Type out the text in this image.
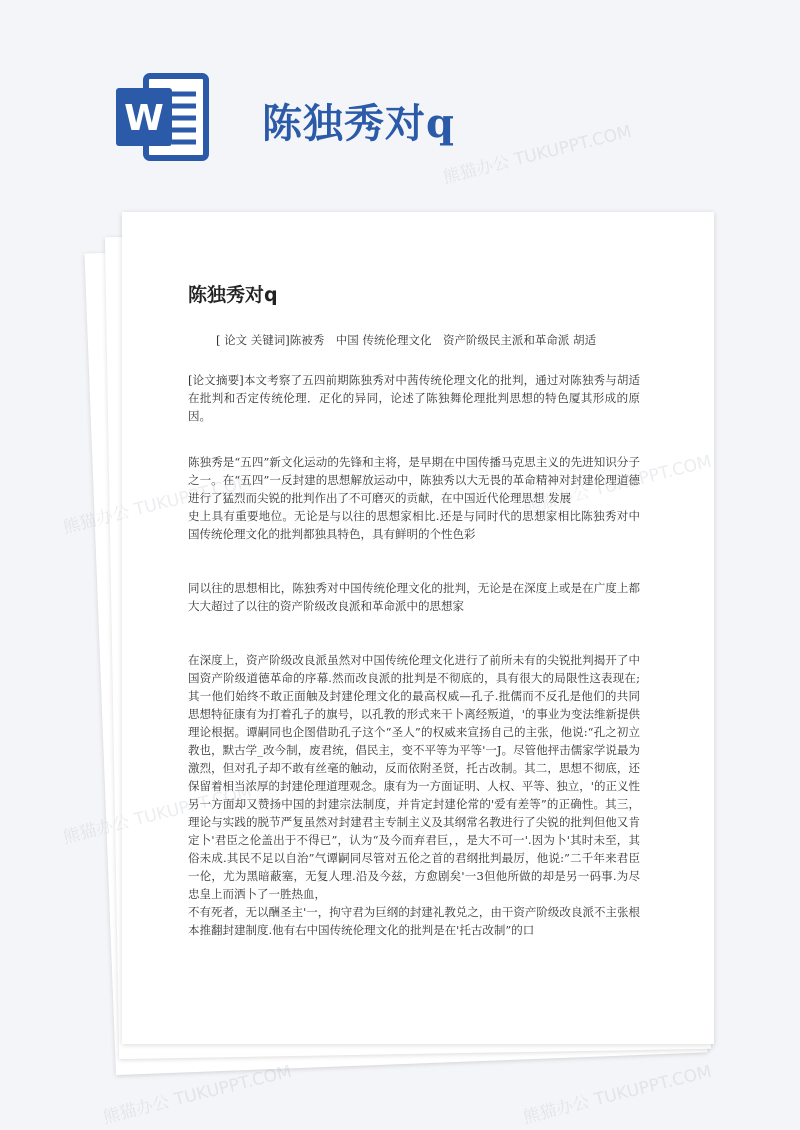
W 陈独秀对q
陈独秀对q
[ 论文 关键词]陈被秀　中国 传统伦理文化　资产阶级民主派和革命派 胡适

[论文摘要]本文考察了五四前期陈独秀对中茜传统伦理文化的批判，通过对陈独秀与胡适在批判和否定传统伦理．疋化的异同，论述了陈独舞伦理批判思想的特色厦其形成的原因。

陈独秀是“五四”新文化运动的先锋和主将，是早期在中国传播马克思主义的先进知识分子之一。在“五四”一反封建的思想解放运动中，陈独秀以大无畏的革命精神对封建伦理道德进行了猛烈而尖锐的批判作出了不可磨灭的贡献，在中国近代伦理思想 发展

史上具有重要地位。无论是与以往的思想家相比.还是与同时代的思想家相比陈独秀对中国传统伦理文化的批判都独具特色，具有鲜明的个性色彩

同以往的思想相比，陈独秀对中国传统伦理文化的批判，无论是在深度上或是在广度上都大大超过了以往的资产阶级改良派和革命派中的思想家

在深度上，资产阶级改良派虽然对中国传统伦理文化进行了前所未有的尖锐批判揭开了中国资产阶级道德革命的序幕.然而改良派的批判是不彻底的，具有很大的局限性这表现在;其一他们始终不敢正面触及封建伦理文化的最高权威—孔子.批儒而不反孔是他们的共同思想特征康有为打着孔子的旗号，以孔教的形式来干卜离经叛道，'的事业为变法维新提供理论根据。谭嗣同也企图借助孔子这个“圣人”的权威来宣扬自己的主张，他说:“孔之初立教也，默古学_改今制，废君统，倡民主，变不平等为平等'一J。尽管他抨击儒家学说最为激烈，但对孔子却不敢有丝毫的触动，反而依附圣贤，托古改制。其二，思想不彻底，还保留着相当浓厚的封建伦理道理观念。康有为一方面证明、人权、平等、独立，'的正义性另一方面却又赞扬中国的封建宗法制度，并肯定封建伦常的'爱有差等”的正确性。其三，理论与实践的脱节严复虽然对封建君主专制主义及其纲常名教进行了尖锐的批判但他又肯定卜'君臣之伦盖出于不得已”，认为“及今而弃君巨，，是大不可一'.因为卜'其时未至，其俗未成.其民不足以自治”气谭嗣同尽管对五伦之首的君纲批判最厉，他说:”二千年来君臣一伦，尤为黑暗蔽塞，无复人理.沿及今兹，方愈剧矣'一3但他所做的却是另一码事.为尽忠皇上而洒卜了一胜热血，

不有死者，无以酬圣主'一，拘守君为巨纲的封建礼教兑之，由干资产阶级改良派不主张根本推翻封建制度.他有右中国传统伦理文化的批判是在'托古改制”的口

熊猫办公 TUKUPPT.COM
熊猫办公
熊猫办公 TUKUPPT.COM	熊猫办公 TUKUPPT.COM
